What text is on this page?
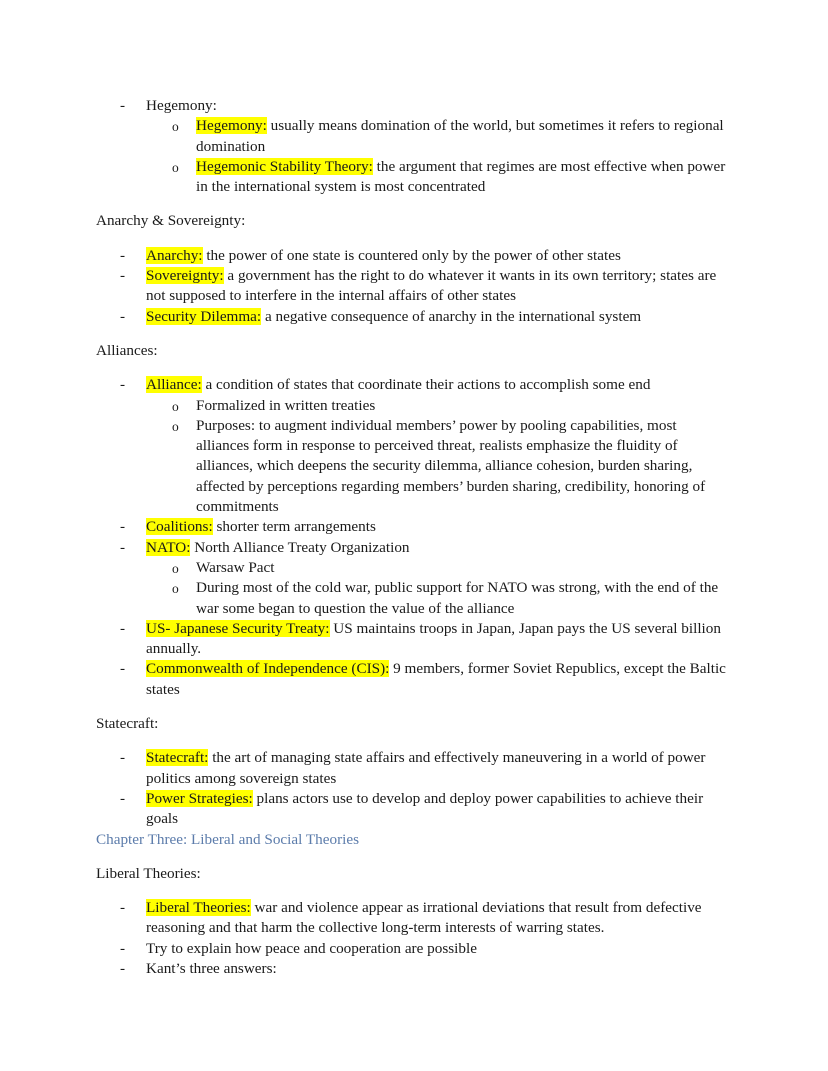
- Hegemony:
o Hegemony: usually means domination of the world, but sometimes it refers to regional domination
o Hegemonic Stability Theory: the argument that regimes are most effective when power in the international system is most concentrated

Anarchy & Sovereignty:

- Anarchy: the power of one state is countered only by the power of other states
- Sovereignty: a government has the right to do whatever it wants in its own territory; states are not supposed to interfere in the internal affairs of other states
- Security Dilemma: a negative consequence of anarchy in the international system

Alliances:

- Alliance: a condition of states that coordinate their actions to accomplish some end
o Formalized in written treaties
o Purposes: to augment individual members’ power by pooling capabilities, most alliances form in response to perceived threat, realists emphasize the fluidity of alliances, which deepens the security dilemma, alliance cohesion, burden sharing, affected by perceptions regarding members’ burden sharing, credibility, honoring of commitments
- Coalitions: shorter term arrangements
- NATO: North Alliance Treaty Organization
o Warsaw Pact
o During most of the cold war, public support for NATO was strong, with the end of the war some began to question the value of the alliance
- US- Japanese Security Treaty: US maintains troops in Japan, Japan pays the US several billion annually.
- Commonwealth of Independence (CIS): 9 members, former Soviet Republics, except the Baltic states

Statecraft:

- Statecraft: the art of managing state affairs and effectively maneuvering in a world of power politics among sovereign states
- Power Strategies: plans actors use to develop and deploy power capabilities to achieve their goals

Chapter Three: Liberal and Social Theories

Liberal Theories:

- Liberal Theories: war and violence appear as irrational deviations that result from defective reasoning and that harm the collective long-term interests of warring states.
- Try to explain how peace and cooperation are possible
- Kant’s three answers:
